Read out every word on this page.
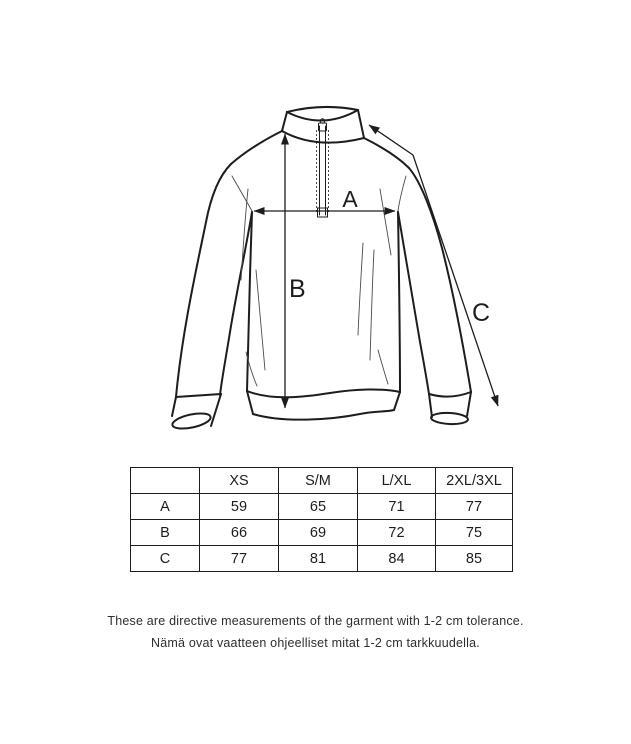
A
B
C
	XS	S/M	L/XL	2XL/3XL
A	59	65	71	77
B	66	69	72	75
C	77	81	84	85
These are directive measurements of the garment with 1-2 cm tolerance.
Nämä ovat vaatteen ohjeelliset mitat 1-2 cm tarkkuudella.
